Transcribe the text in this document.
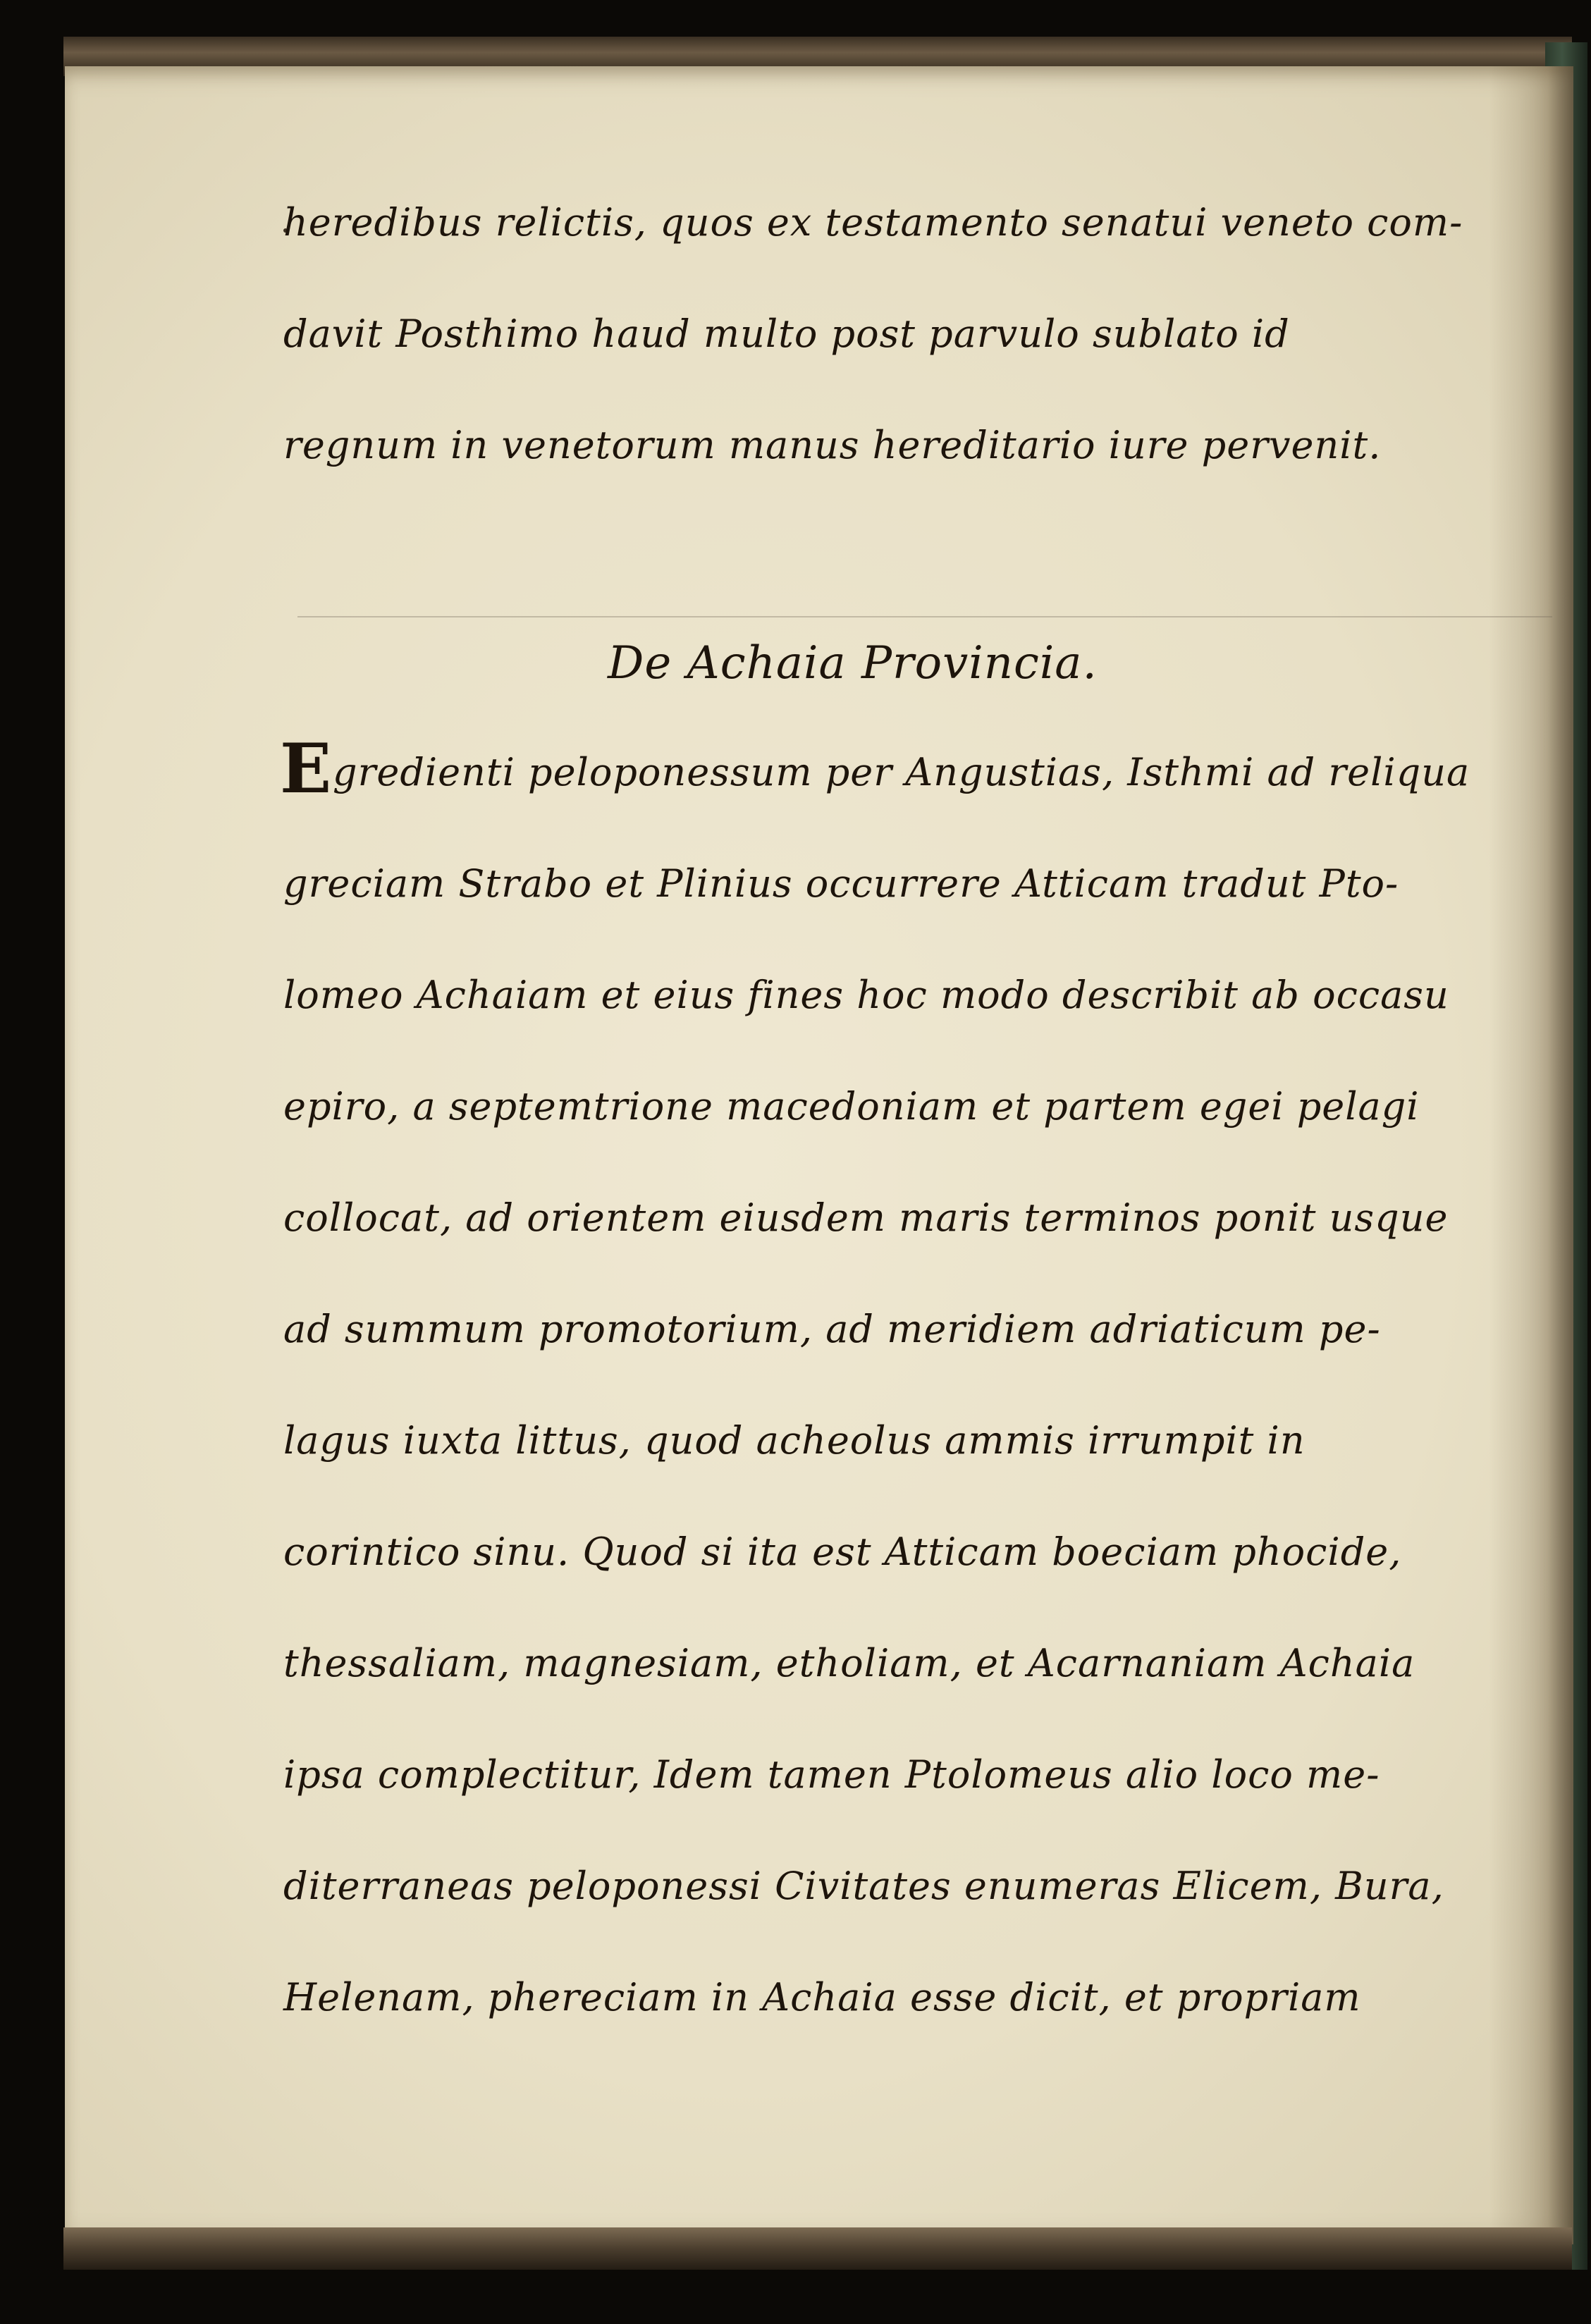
heredibus relictis, quos ex testamento senatui veneto com-
davit Posthimo haud multo post parvulo sublato id
regnum in venetorum manus hereditario iure pervenit.
De Achaia Provincia.
E gredienti peloponessum per Angustias, Isthmi ad reliqua
greciam Strabo et Plinius occurrere Atticam tradut Pto-
lomeo Achaiam et eius fines hoc modo describit ab occasu
epiro, a septemtrione macedoniam et partem egei pelagi
collocat, ad orientem eiusdem maris terminos ponit usque
ad summum promotorium, ad meridiem adriaticum pe-
lagus iuxta littus, quod acheolus ammis irrumpit in
corintico sinu. Quod si ita est Atticam boeciam phocide,
thessaliam, magnesiam, etholiam, et Acarnaniam Achaia
ipsa complectitur, Idem tamen Ptolomeus alio loco me-
diterraneas peloponessi Civitates enumeras Elicem, Bura,
Helenam, phereciam in Achaia esse dicit, et propriam
